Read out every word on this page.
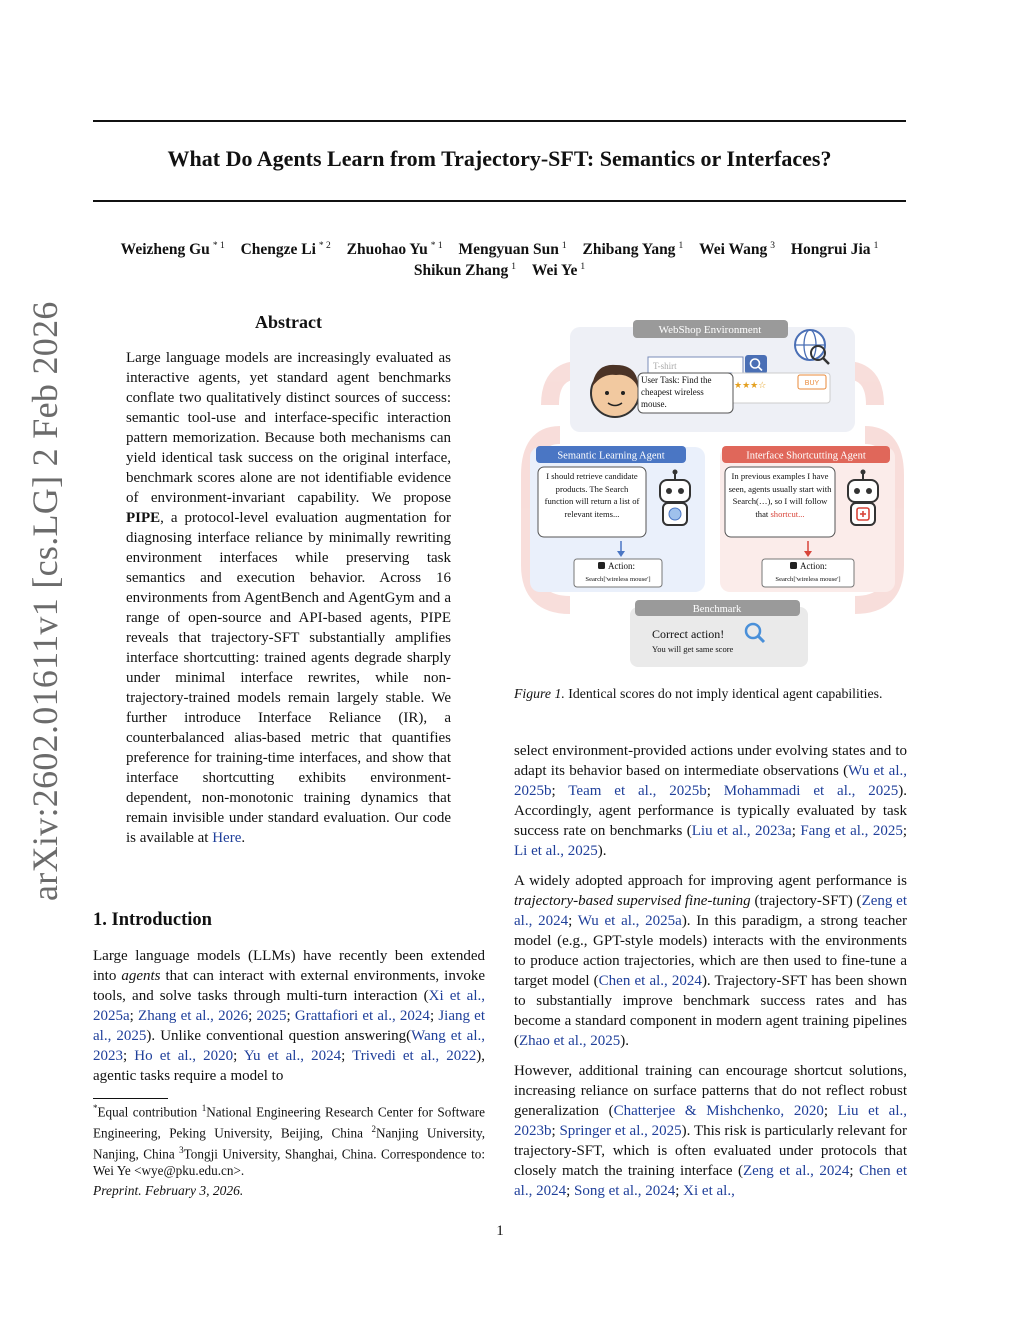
arXiv:2602.01611v1 [cs.LG] 2 Feb 2026
What Do Agents Learn from Trajectory-SFT: Semantics or Interfaces?
Weizheng Gu $^{* 1}$ Chengze Li $^{* 2}$ Zhuohao Yu $^{* 1}$ Mengyuan Sun $^1$ Zhibang Yang $^1$ Wei Wang $^3$ Hongrui Jia $^1$
Shikun Zhang $^1$ Wei Ye $^1$
Abstract
Large language models are increasingly evaluated as interactive agents, yet standard agent benchmarks conflate two qualitatively distinct sources of success: semantic tool-use and interface-specific interaction pattern memorization. Because both mechanisms can yield identical task success on the original interface, benchmark scores alone are not identifiable evidence of environment-invariant capability. We propose PIPE, a protocol-level evaluation augmentation for diagnosing interface reliance by minimally rewriting environment interfaces while preserving task semantics and execution behavior. Across 16 environments from AgentBench and AgentGym and a range of open-source and API-based agents, PIPE reveals that trajectory-SFT substantially amplifies interface shortcutting: trained agents degrade sharply under minimal interface rewrites, while non-trajectory-trained models remain largely stable. We further introduce Interface Reliance (IR), a counterbalanced alias-based metric that quantifies preference for training-time interfaces, and show that interface shortcutting exhibits environment-dependent, non-monotonic training dynamics that remain invisible under standard evaluation. Our code is available at Here.
1. Introduction
Large language models (LLMs) have recently been extended into agents that can interact with external environments, invoke tools, and solve tasks through multi-turn interaction (Xi et al., 2025a; Zhang et al., 2026; 2025; Grattafiori et al., 2024; Jiang et al., 2025). Unlike conventional question answering(Wang et al., 2023; Ho et al., 2020; Yu et al., 2024; Trivedi et al., 2022), agentic tasks require a model to
*Equal contribution $^1$National Engineering Research Center for Software Engineering, Peking University, Beijing, China $^2$Nanjing University, Nanjing, China $^3$Tongji University, Shanghai, China. Correspondence to: Wei Ye <wye@pku.edu.cn>.
Preprint. February 3, 2026.
1
WebShop Environment
T-shirt
★★★☆	BUY
User Task: Find the cheapest wireless mouse.
Semantic Learning Agent
I should retrieve candidate products. The Search function will return a list of relevant items...
Action:
Search['wireless mouse']
Interface Shortcutting Agent
In previous examples I have seen, agents usually start with Search(…), so I will follow that shortcut...
Action:
Search['wireless mouse']
Benchmark
Correct action!
You will get same score
Figure 1. Identical scores do not imply identical agent capabilities.
select environment-provided actions under evolving states and to adapt its behavior based on intermediate observations (Wu et al., 2025b; Team et al., 2025b; Mohammadi et al., 2025). Accordingly, agent performance is typically evaluated by task success rate on benchmarks (Liu et al., 2023a; Fang et al., 2025; Li et al., 2025).
A widely adopted approach for improving agent performance is trajectory-based supervised fine-tuning (trajectory-SFT) (Zeng et al., 2024; Wu et al., 2025a). In this paradigm, a strong teacher model (e.g., GPT-style models) interacts with the environments to produce action trajectories, which are then used to fine-tune a target model (Chen et al., 2024). Trajectory-SFT has been shown to substantially improve benchmark success rates and has become a standard component in modern agent training pipelines (Zhao et al., 2025).
However, additional training can encourage shortcut solutions, increasing reliance on surface patterns that do not reflect robust generalization (Chatterjee & Mishchenko, 2020; Liu et al., 2023b; Springer et al., 2025). This risk is particularly relevant for trajectory-SFT, which is often evaluated under protocols that closely match the training interface (Zeng et al., 2024; Chen et al., 2024; Song et al., 2024; Xi et al.,
